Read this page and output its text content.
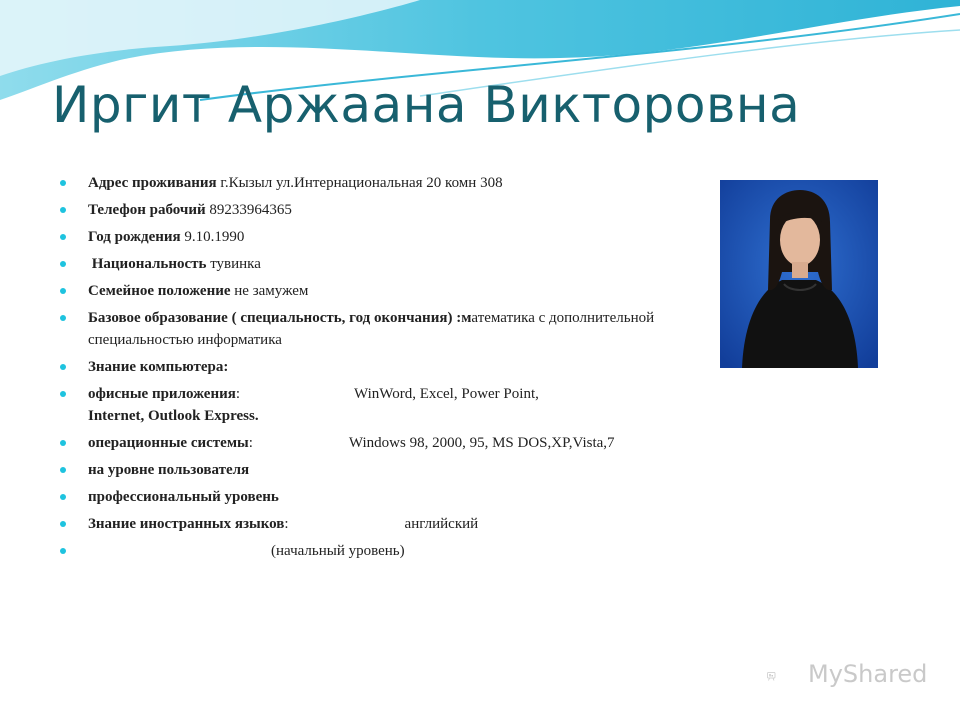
Иргит Аржаана Викторовна
Адрес проживания г.Кызыл ул.Интернациональная 20 комн 308
Телефон рабочий 89233964365
Год рождения 9.10.1990
Национальность тувинка
Семейное положение не замужем
Базовое образование ( специальность, год окончания) :математика с дополнительной специальностью информатика
Знание компьютера:
офисные приложения:	WinWord, Excel, Power Point,
Internet, Outlook Express.
операционные системы:	Windows 98, 2000, 95, MS DOS,XP,Vista,7
на уровне пользователя
профессиональный уровень
Знание иностранных языков:	английский
(начальный уровень)
MyShared
